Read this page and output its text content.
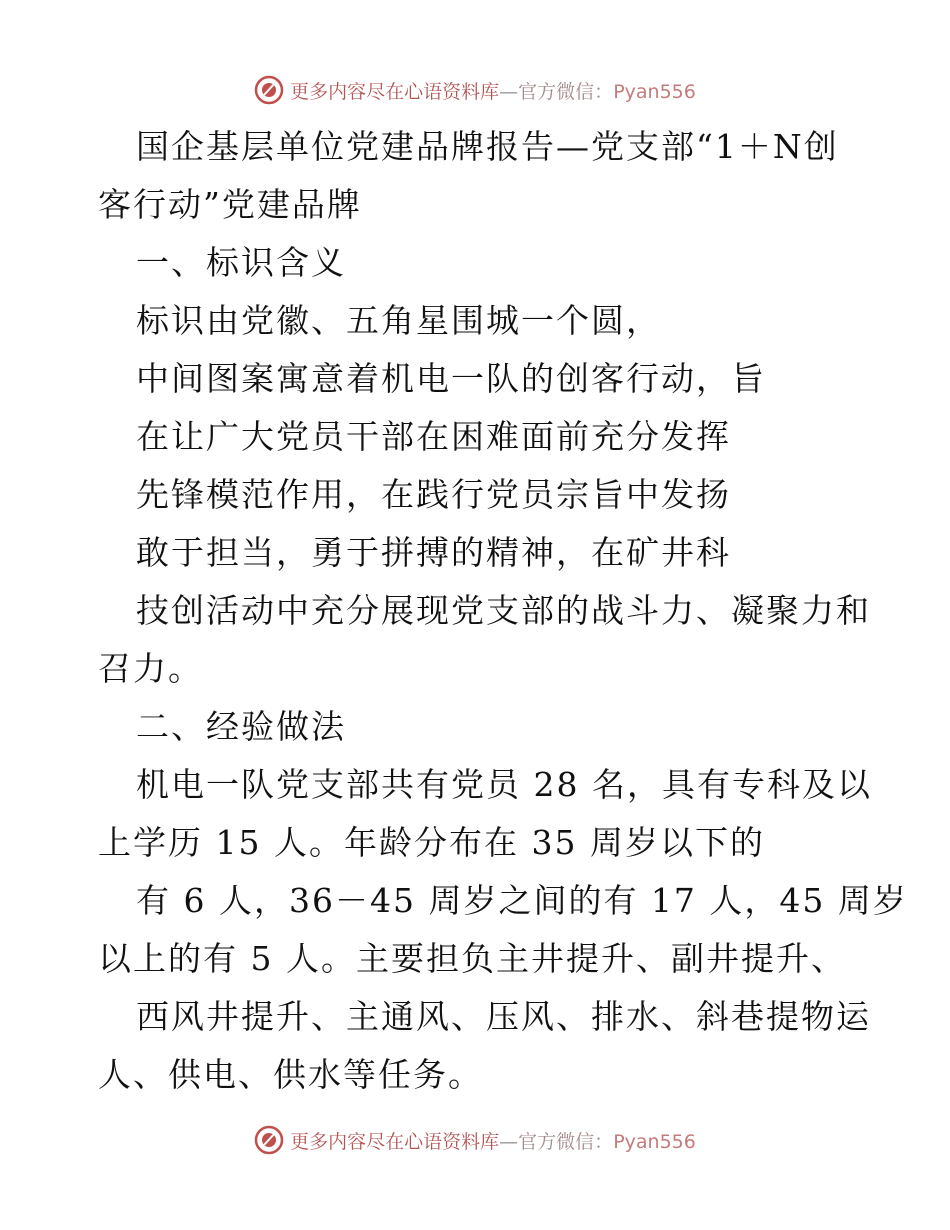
更多内容尽在心语资料库—官方微信：Pyan556
国企基层单位党建品牌报告—党支部“1＋N创
客行动”党建品牌
一、标识含义
标识由党徽、五角星围城一个圆，
中间图案寓意着机电一队的创客行动，旨
在让广大党员干部在困难面前充分发挥
先锋模范作用，在践行党员宗旨中发扬
敢于担当，勇于拼搏的精神，在矿井科
技创活动中充分展现党支部的战斗力、凝聚力和
召力。
二、经验做法
机电一队党支部共有党员 28 名，具有专科及以
上学历 15 人。年龄分布在 35 周岁以下的
有 6 人，36－45 周岁之间的有 17 人，45 周岁
以上的有 5 人。主要担负主井提升、副井提升、
西风井提升、主通风、压风、排水、斜巷提物运
人、供电、供水等任务。
更多内容尽在心语资料库—官方微信：Pyan556
